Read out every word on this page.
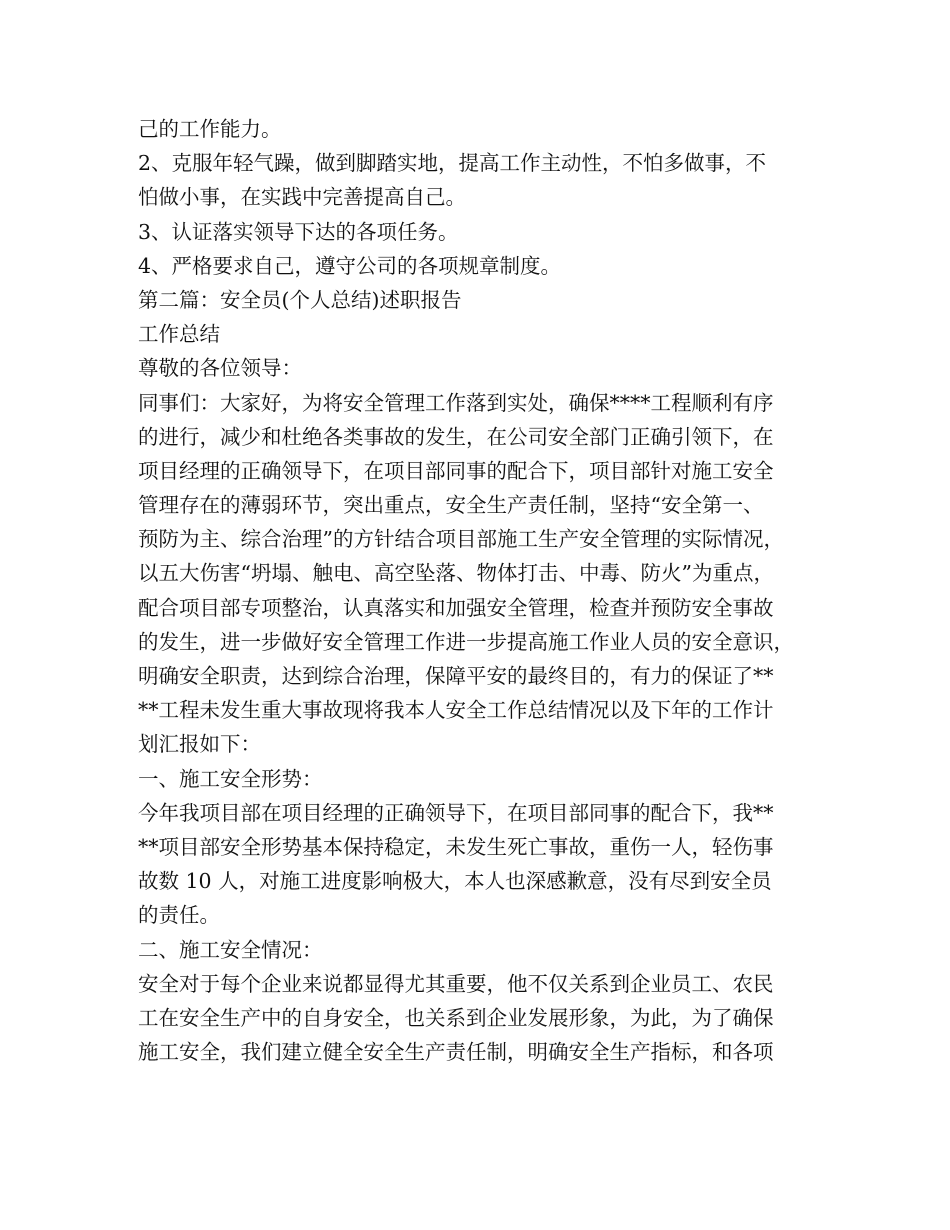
己的工作能力。
2、克服年轻气躁，做到脚踏实地，提高工作主动性，不怕多做事，不
怕做小事，在实践中完善提高自己。
3、认证落实领导下达的各项任务。
4、严格要求自己，遵守公司的各项规章制度。
第二篇：安全员(个人总结)述职报告
工作总结
尊敬的各位领导：
同事们：大家好，为将安全管理工作落到实处，确保****工程顺利有序
的进行，减少和杜绝各类事故的发生，在公司安全部门正确引领下，在
项目经理的正确领导下，在项目部同事的配合下，项目部针对施工安全
管理存在的薄弱环节，突出重点，安全生产责任制，坚持“安全第一、
预防为主、综合治理”的方针结合项目部施工生产安全管理的实际情况，
以五大伤害“坍塌、触电、高空坠落、物体打击、中毒、防火”为重点，
配合项目部专项整治，认真落实和加强安全管理，检查并预防安全事故
的发生，进一步做好安全管理工作进一步提高施工作业人员的安全意识，
明确安全职责，达到综合治理，保障平安的最终目的，有力的保证了**
**工程未发生重大事故现将我本人安全工作总结情况以及下年的工作计
划汇报如下：
一、施工安全形势：
今年我项目部在项目经理的正确领导下，在项目部同事的配合下，我**
**项目部安全形势基本保持稳定，未发生死亡事故，重伤一人，轻伤事
故数 10 人，对施工进度影响极大，本人也深感歉意，没有尽到安全员
的责任。
二、施工安全情况：
安全对于每个企业来说都显得尤其重要，他不仅关系到企业员工、农民
工在安全生产中的自身安全，也关系到企业发展形象，为此，为了确保
施工安全，我们建立健全安全生产责任制，明确安全生产指标，和各项
